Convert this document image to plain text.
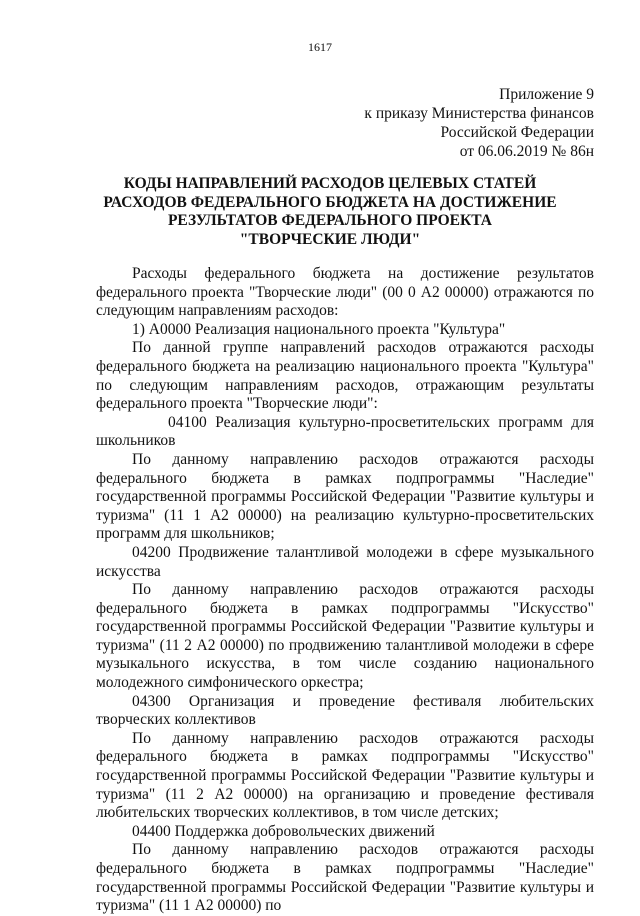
1617
Приложение 9
к приказу Министерства финансов
Российской Федерации
от 06.06.2019 № 86н
КОДЫ НАПРАВЛЕНИЙ РАСХОДОВ ЦЕЛЕВЫХ СТАТЕЙ
РАСХОДОВ ФЕДЕРАЛЬНОГО БЮДЖЕТА НА ДОСТИЖЕНИЕ
РЕЗУЛЬТАТОВ ФЕДЕРАЛЬНОГО ПРОЕКТА
"ТВОРЧЕСКИЕ ЛЮДИ"

Расходы федерального бюджета на достижение результатов федерального проекта "Творческие люди" (00 0 А2 00000) отражаются по следующим направлениям расходов:

1) А0000 Реализация национального проекта "Культура"

По данной группе направлений расходов отражаются расходы федерального бюджета на реализацию национального проекта "Культура" по следующим направлениям расходов, отражающим результаты федерального проекта "Творческие люди":

04100 Реализация культурно-просветительских программ для школьников

По данному направлению расходов отражаются расходы федерального бюджета в рамках подпрограммы "Наследие" государственной программы Российской Федерации "Развитие культуры и туризма" (11 1 А2 00000) на реализацию культурно-просветительских программ для школьников;

04200 Продвижение талантливой молодежи в сфере музыкального искусства

По данному направлению расходов отражаются расходы федерального бюджета в рамках подпрограммы "Искусство" государственной программы Российской Федерации "Развитие культуры и туризма" (11 2 А2 00000) по продвижению талантливой молодежи в сфере музыкального искусства, в том числе созданию национального молодежного симфонического оркестра;

04300 Организация и проведение фестиваля любительских творческих коллективов

По данному направлению расходов отражаются расходы федерального бюджета в рамках подпрограммы "Искусство" государственной программы Российской Федерации "Развитие культуры и туризма" (11 2 А2 00000) на организацию и проведение фестиваля любительских творческих коллективов, в том числе детских;

04400 Поддержка добровольческих движений

По данному направлению расходов отражаются расходы федерального бюджета в рамках подпрограммы "Наследие" государственной программы Российской Федерации "Развитие культуры и туризма" (11 1 А2 00000) по
